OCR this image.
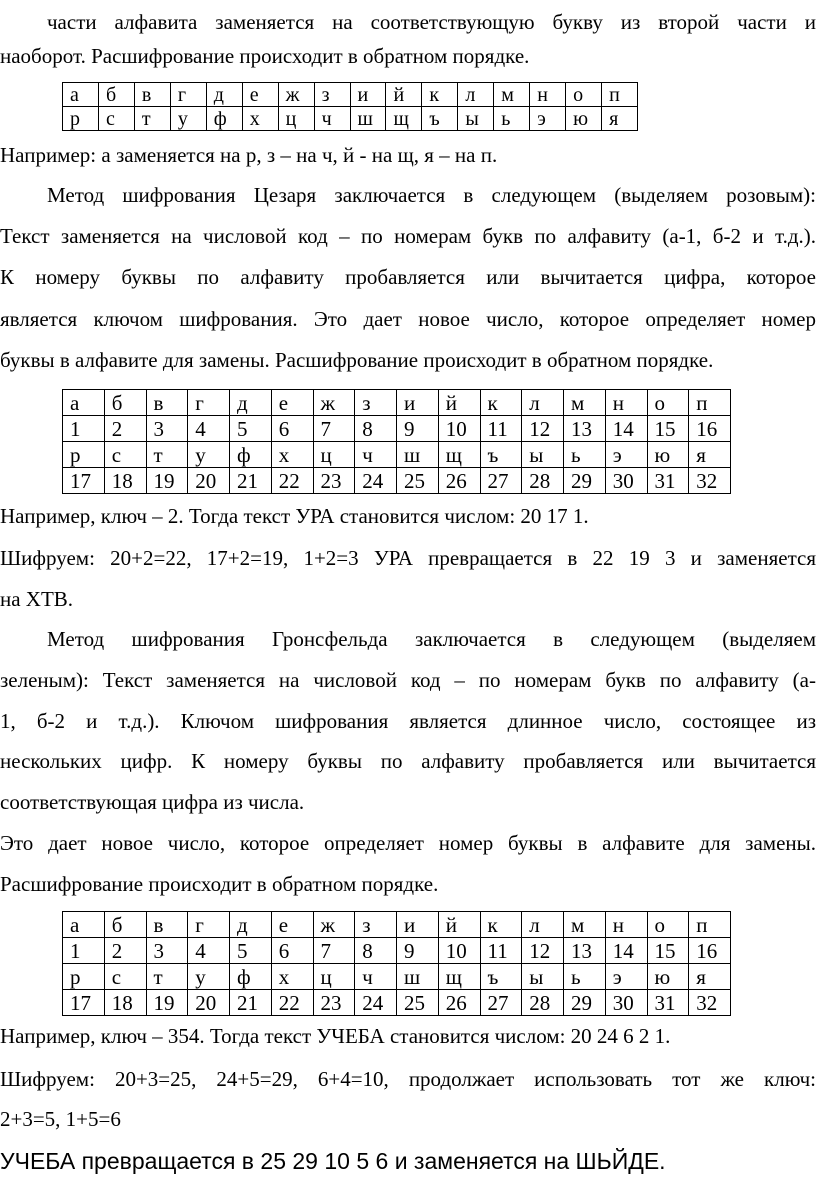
части алфавита заменяется на соответствующую букву из второй части и

наоборот. Расшифрование происходит в обратном порядке.

а	б	в	г	д	е	ж	з	и	й	к	л	м	н	о	п
р	с	т	у	ф	х	ц	ч	ш	щ	ъ	ы	ь	э	ю	я

Например: а заменяется на р, з – на ч, й - на щ, я – на п.

Метод шифрования Цезаря заключается в следующем (выделяем розовым):

Текст заменяется на числовой код – по номерам букв по алфавиту (а-1, б-2 и т.д.).

К номеру буквы по алфавиту пробавляется или вычитается цифра, которое

является ключом шифрования. Это дает новое число, которое определяет номер

буквы в алфавите для замены. Расшифрование происходит в обратном порядке.

а	б	в	г	д	е	ж	з	и	й	к	л	м	н	о	п
1	2	3	4	5	6	7	8	9	10	11	12	13	14	15	16
р	с	т	у	ф	х	ц	ч	ш	щ	ъ	ы	ь	э	ю	я
17	18	19	20	21	22	23	24	25	26	27	28	29	30	31	32

Например, ключ – 2. Тогда текст УРА становится числом: 20 17 1.

Шифруем: 20+2=22, 17+2=19, 1+2=3 УРА превращается в 22 19 3 и заменяется

на ХТВ.

Метод шифрования Гронсфельда заключается в следующем (выделяем

зеленым): Текст заменяется на числовой код – по номерам букв по алфавиту (а-

1, б-2 и т.д.). Ключом шифрования является длинное число, состоящее из

нескольких цифр. К номеру буквы по алфавиту пробавляется или вычитается

соответствующая цифра из числа.

Это дает новое число, которое определяет номер буквы в алфавите для замены.

Расшифрование происходит в обратном порядке.

а	б	в	г	д	е	ж	з	и	й	к	л	м	н	о	п
1	2	3	4	5	6	7	8	9	10	11	12	13	14	15	16
р	с	т	у	ф	х	ц	ч	ш	щ	ъ	ы	ь	э	ю	я
17	18	19	20	21	22	23	24	25	26	27	28	29	30	31	32

Например, ключ – 354. Тогда текст УЧЕБА становится числом: 20 24 6 2 1.

Шифруем: 20+3=25, 24+5=29, 6+4=10, продолжает использовать тот же ключ:

2+3=5, 1+5=6

УЧЕБА превращается в 25 29 10 5 6 и заменяется на ШЬЙДЕ.
